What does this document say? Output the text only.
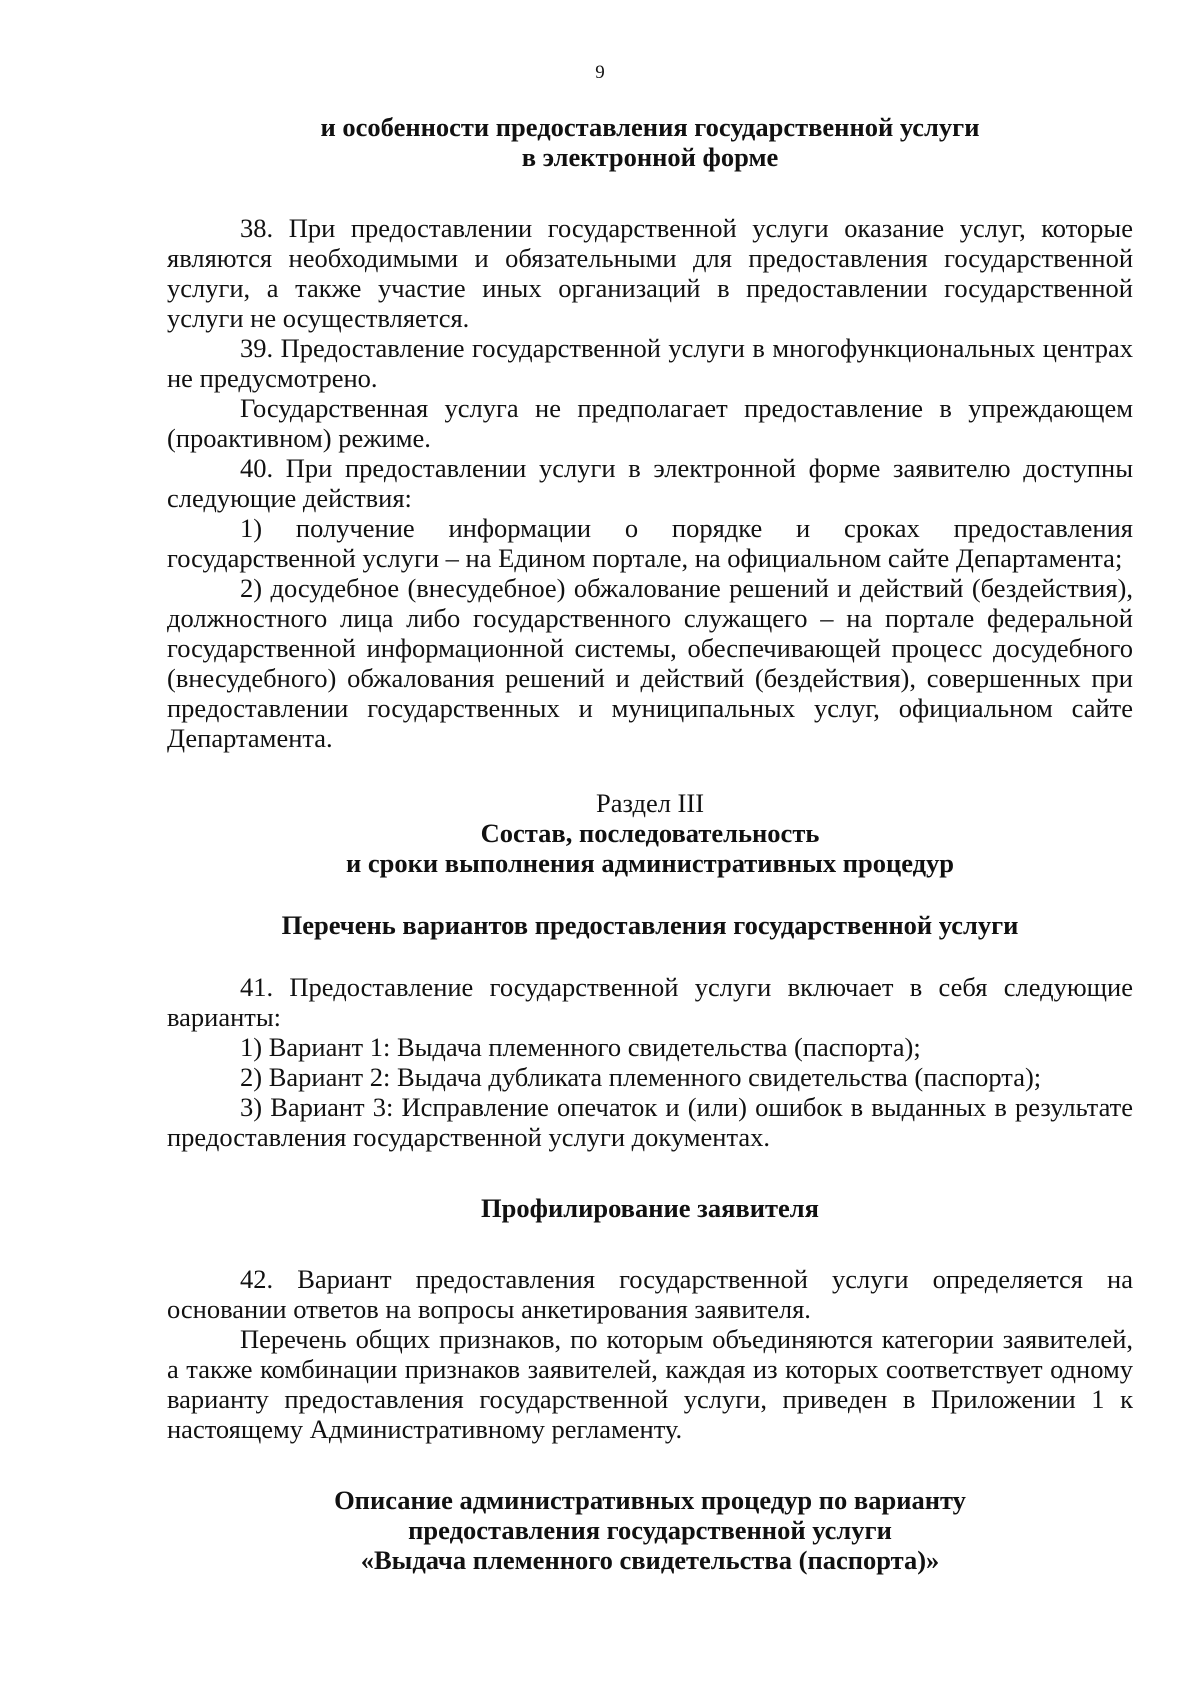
9
и особенности предоставления государственной услуги
в электронной форме

38. При предоставлении государственной услуги оказание услуг, которые являются необходимыми и обязательными для предоставления государственной услуги, а также участие иных организаций в предоставлении государственной услуги не осуществляется.

39. Предоставление государственной услуги в многофункциональных центрах не предусмотрено.

Государственная услуга не предполагает предоставление в упреждающем (проактивном) режиме.

40. При предоставлении услуги в электронной форме заявителю доступны следующие действия:

1) получение информации о порядке и сроках предоставления государственной услуги – на Едином портале, на официальном сайте Департамента;

2) досудебное (внесудебное) обжалование решений и действий (бездействия), должностного лица либо государственного служащего – на портале федеральной государственной информационной системы, обеспечивающей процесс досудебного (внесудебного) обжалования решений и действий (бездействия), совершенных при предоставлении государственных и муниципальных услуг, официальном сайте Департамента.

Раздел III
Состав, последовательность
и сроки выполнения административных процедур
Перечень вариантов предоставления государственной услуги

41. Предоставление государственной услуги включает в себя следующие варианты:

1) Вариант 1: Выдача племенного свидетельства (паспорта);

2) Вариант 2: Выдача дубликата племенного свидетельства (паспорта);

3) Вариант 3: Исправление опечаток и (или) ошибок в выданных в результате предоставления государственной услуги документах.

Профилирование заявителя

42. Вариант предоставления государственной услуги определяется на основании ответов на вопросы анкетирования заявителя.

Перечень общих признаков, по которым объединяются категории заявителей, а также комбинации признаков заявителей, каждая из которых соответствует одному варианту предоставления государственной услуги, приведен в Приложении 1 к настоящему Административному регламенту.

Описание административных процедур по варианту
предоставления государственной услуги
«Выдача племенного свидетельства (паспорта)»
